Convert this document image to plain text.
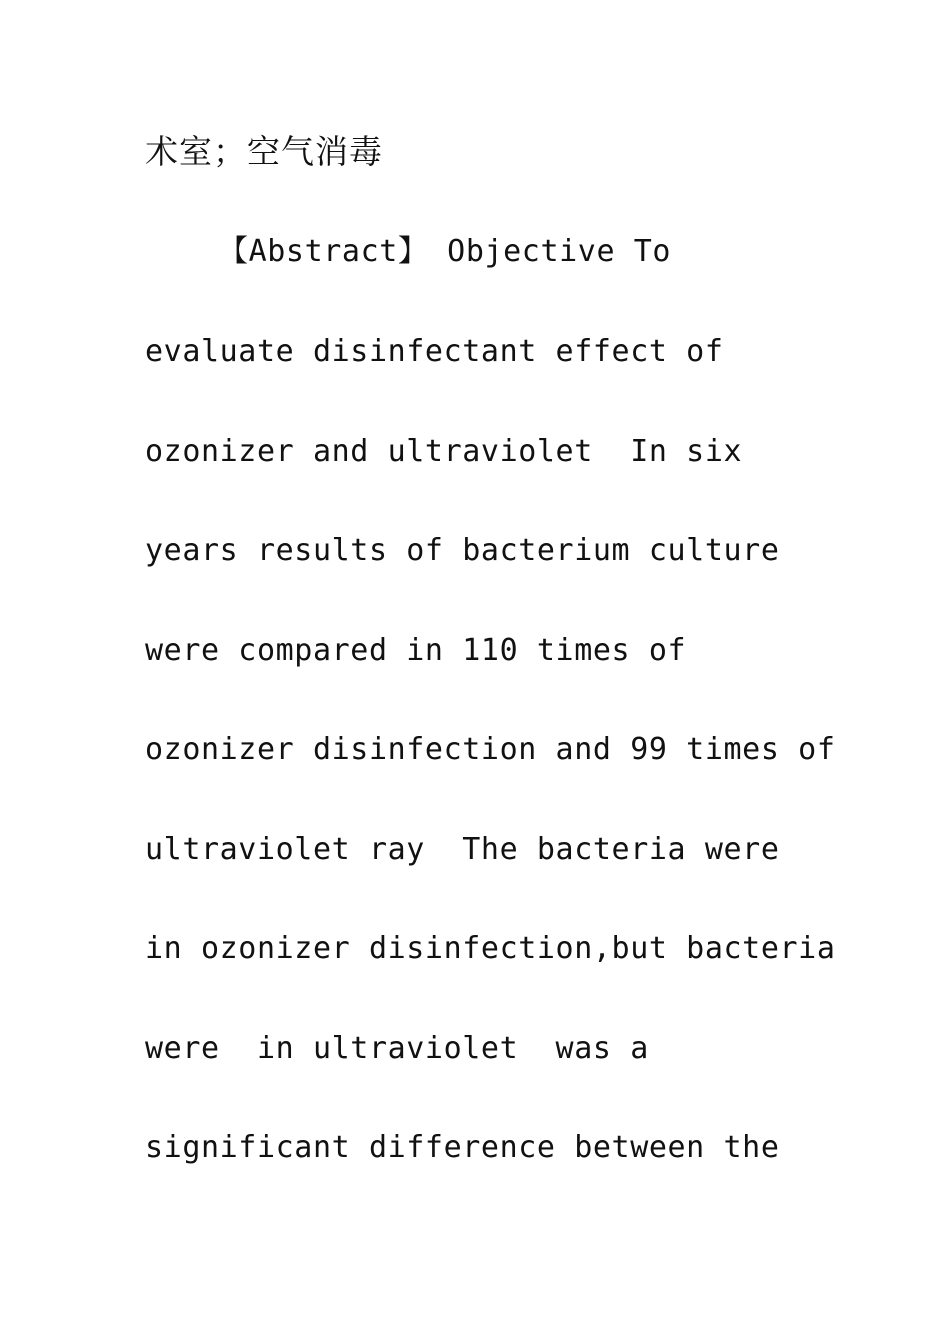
术室；空气消毒
【Abstract】 Objective To
evaluate disinfectant effect of
ozonizer and ultraviolet  In six
years results of bacterium culture
were compared in 110 times of
ozonizer disinfection and 99 times of
ultraviolet ray  The bacteria were
in ozonizer disinfection,but bacteria
were  in ultraviolet  was a
significant difference between the
